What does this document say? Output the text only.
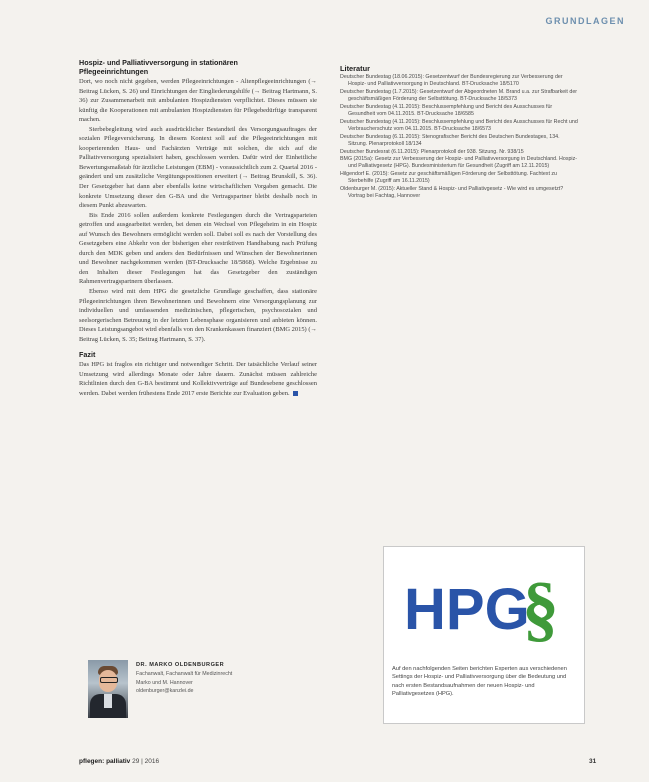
GRUNDLAGEN

Hospiz- und Palliativversorgung in stationären
Pflegeeinrichtungen

Dort, wo noch nicht gegeben, werden Pflegeeinrichtungen - Altenpflegeeinrichtungen (→ Beitrag Lücken, S. 26) und Einrichtungen der Eingliederungshilfe (→ Beitrag Hartmann, S. 36) zur Zusammenarbeit mit ambulanten Hospizdiensten verpflichtet. Dieses müssen sie künftig die Kooperationen mit ambulanten Hospizdiensten für Pflegebedürftige transparent machen.

Sterbebegleitung wird auch ausdrücklicher Bestandteil des Versorgungsauftrages der sozialen Pflegeversicherung. In diesem Kontext soll auf die Pflegeeinrichtungen mit kooperierenden Haus- und Fachärzten Verträge mit solchen, die sich auf die Palliativversorgung spezialisiert haben, geschlossen werden. Dafür wird der Einheitliche Bewertungsmaßstab für ärztliche Leistungen (EBM) - voraussichtlich zum 2. Quartal 2016 - geändert und um zusätzliche Vergütungspositionen erweitert (→ Beitrag Brunskill, S. 36). Der Gesetzgeber hat dann aber ebenfalls keine wirtschaftlichen Vorgaben gemacht. Die konkrete Umsetzung dieser den G-BA und die Vertragspartner bleibt deshalb noch in diesem Punkt abzuwarten.

Bis Ende 2016 sollen außerdem konkrete Festlegungen durch die Vertragsparteien getroffen und ausgearbeitet werden, bei denen ein Wechsel von Pflegeheim in ein Hospiz auf Wunsch des Bewohners ermöglicht werden soll. Dabei soll es nach der Vorstellung des Gesetzgebers eine Abkehr von der bisherigen eher restriktiven Handhabung nach Prüfung durch den MDK geben und anders den Bedürfnissen und Wünschen der Bewohnerinnen und Bewohner nachgekommen werden (BT-Drucksache 18/5868). Welche Ergebnisse zu den Inhalten dieser Festlegungen hat das Gesetzgeber den zuständigen Rahmenvertragspartnern überlassen.

Ebenso wird mit dem HPG die gesetzliche Grundlage geschaffen, dass stationäre Pflegeeinrichtungen ihren Bewohnerinnen und Bewohnern eine Versorgungsplanung zur individuellen und umfassenden medizinischen, pflegerischen, psychosozialen und seelsorgerischen Betreuung in der letzten Lebensphase organisieren und anbieten können. Dieses Leistungsangebot wird ebenfalls von den Krankenkassen finanziert (BMG 2015) (→ Beitrag Lücken, S. 35; Beitrag Hartmann, S. 37).

Fazit

Das HPG ist fraglos ein richtiger und notwendiger Schritt. Der tatsächliche Verlauf seiner Umsetzung wird allerdings Monate oder Jahre dauern. Zunächst müssen zahlreiche Richtlinien durch den G-BA bestimmt und Kollektivverträge auf Bundesebene geschlossen werden. Dabei werden frühestens Ende 2017 erste Berichte zur Evaluation geben.

Literatur

Deutscher Bundestag (18.06.2015): Gesetzentwurf der Bundesregierung zur Verbesserung der Hospiz- und Palliativversorgung in Deutschland. BT-Drucksache 18/5170
Deutscher Bundestag (1.7.2015): Gesetzentwurf der Abgeordneten M. Brand u.a. zur Strafbarkeit der geschäftsmäßigen Förderung der Selbsttötung. BT-Drucksache 18/5373
Deutscher Bundestag (4.11.2015): Beschlussempfehlung und Bericht des Ausschusses für Gesundheit vom 04.11.2015. BT-Drucksache 18/6585
Deutscher Bundestag (4.11.2015): Beschlussempfehlung und Bericht des Ausschusses für Recht und Verbraucherschutz vom 04.11.2015. BT-Drucksache 18/6573
Deutscher Bundestag (6.11.2015): Stenografischer Bericht des Deutschen Bundestages, 134. Sitzung. Plenarprotokoll 18/134
Deutscher Bundesrat (6.11.2015): Plenarprotokoll der 938. Sitzung. Nr. 938/15
BMG (2015a): Gesetz zur Verbesserung der Hospiz- und Palliativversorgung in Deutschland. Hospiz- und Palliativgesetz (HPG). Bundesministerium für Gesundheit (Zugriff am 12.11.2015)
Hilgendorf E. (2015): Gesetz zur geschäftsmäßigen Förderung der Selbsttötung. Fachtext zu Sterbehilfe (Zugriff am 16.11.2015)
Oldenburger M. (2015): Aktueller Stand & Hospiz- und Palliativgesetz - Wie wird es umgesetzt? Vortrag bei Fachtag, Hannover
HPG
§

Auf den nachfolgenden Seiten berichten Experten aus verschiedenen Settings der Hospiz- und Palliativversorgung über die Bedeutung und nach ersten Bestandsaufnahmen der neuen Hospiz- und Palliativgesetzes (HPG).

DR. MARKO OLDENBURGER

Fachanwalt, Fachanwalt für Medizinrecht

Marko und M. Hannover

oldenburger@kanzlei.de

pflegen: palliativ 29 | 2016	31
